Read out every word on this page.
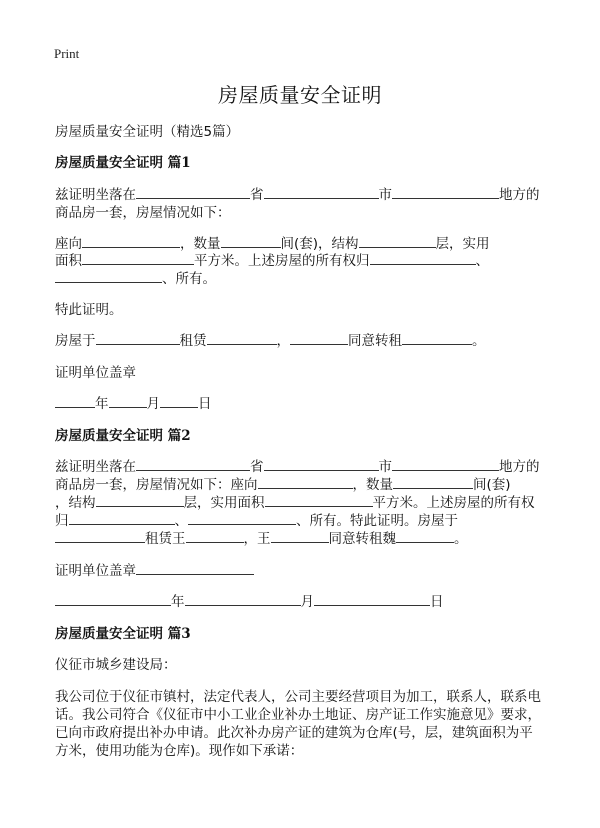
Print
房屋质量安全证明
房屋质量安全证明（精选5篇）
房屋质量安全证明 篇1
兹证明坐落在	省	市	地方的
商品房一套，房屋情况如下：
座向	，数量	间(套)，结构	层，实用
面积	平方米。上述房屋的所有权归	、
、所有。
特此证明。
房屋于	租赁	，	同意转租	。
证明单位盖章
年	月	日
房屋质量安全证明 篇2
兹证明坐落在	省	市	地方的
商品房一套，房屋情况如下：座向	，数量	间(套)
，结构	层，实用面积	平方米。上述房屋的所有权
归	、	、所有。特此证明。房屋于
租赁王	，王	同意转租魏	。
证明单位盖章
年	月	日
房屋质量安全证明 篇3
仪征市城乡建设局：
我公司位于仪征市镇村，法定代表人，公司主要经营项目为加工，联系人，联系电
话。我公司符合《仪征市中小工业企业补办土地证、房产证工作实施意见》要求，
已向市政府提出补办申请。此次补办房产证的建筑为仓库(号，层，建筑面积为平
方米，使用功能为仓库)。现作如下承诺：
